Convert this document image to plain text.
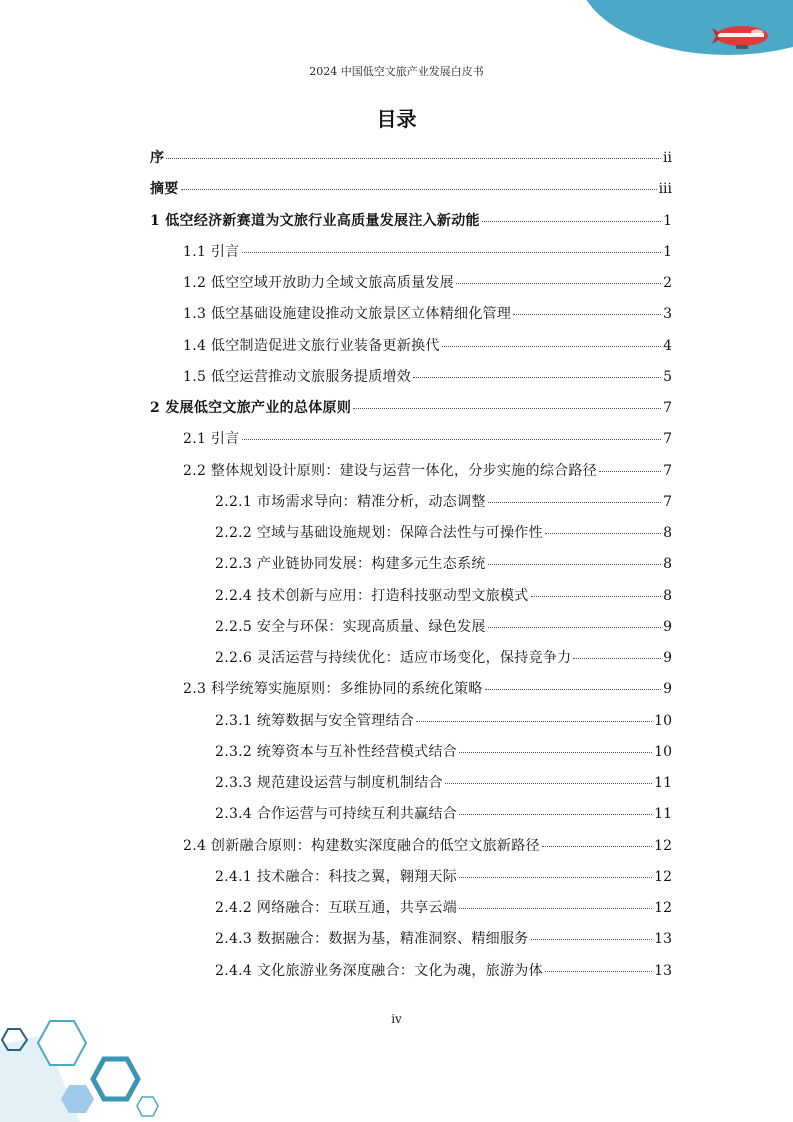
2024 中国低空文旅产业发展白皮书
目录
序	ii
摘要	iii
1 低空经济新赛道为文旅行业高质量发展注入新动能	1
1.1 引言	1
1.2 低空空域开放助力全域文旅高质量发展	2
1.3 低空基础设施建设推动文旅景区立体精细化管理	3
1.4 低空制造促进文旅行业装备更新换代	4
1.5 低空运营推动文旅服务提质增效	5
2 发展低空文旅产业的总体原则	7
2.1 引言	7
2.2 整体规划设计原则：建设与运营一体化，分步实施的综合路径	7
2.2.1 市场需求导向：精准分析，动态调整	7
2.2.2 空域与基础设施规划：保障合法性与可操作性	8
2.2.3 产业链协同发展：构建多元生态系统	8
2.2.4 技术创新与应用：打造科技驱动型文旅模式	8
2.2.5 安全与环保：实现高质量、绿色发展	9
2.2.6 灵活运营与持续优化：适应市场变化，保持竞争力	9
2.3 科学统筹实施原则：多维协同的系统化策略	9
2.3.1 统筹数据与安全管理结合	10
2.3.2 统筹资本与互补性经营模式结合	10
2.3.3 规范建设运营与制度机制结合	11
2.3.4 合作运营与可持续互利共赢结合	11
2.4 创新融合原则：构建数实深度融合的低空文旅新路径	12
2.4.1 技术融合：科技之翼，翱翔天际	12
2.4.2 网络融合：互联互通，共享云端	12
2.4.3 数据融合：数据为基，精准洞察、精细服务	13
2.4.4 文化旅游业务深度融合：文化为魂，旅游为体	13
iv
